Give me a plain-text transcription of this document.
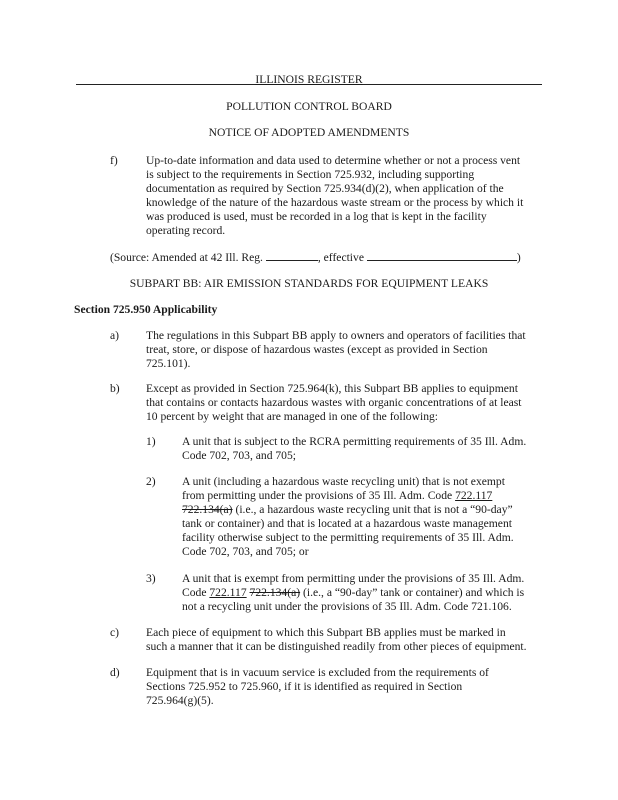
ILLINOIS REGISTER
POLLUTION CONTROL BOARD
NOTICE OF ADOPTED AMENDMENTS
f) Up-to-date information and data used to determine whether or not a process vent
is subject to the requirements in Section 725.932, including supporting
documentation as required by Section 725.934(d)(2), when application of the
knowledge of the nature of the hazardous waste stream or the process by which it
was produced is used, must be recorded in a log that is kept in the facility
operating record.
(Source: Amended at 42 Ill. Reg.	, effective	)
SUBPART BB: AIR EMISSION STANDARDS FOR EQUIPMENT LEAKS
Section 725.950 Applicability
a) The regulations in this Subpart BB apply to owners and operators of facilities that
treat, store, or dispose of hazardous wastes (except as provided in Section
725.101).
b) Except as provided in Section 725.964(k), this Subpart BB applies to equipment
that contains or contacts hazardous wastes with organic concentrations of at least
10 percent by weight that are managed in one of the following:
1) A unit that is subject to the RCRA permitting requirements of 35 Ill. Adm.
Code 702, 703, and 705;
2) A unit (including a hazardous waste recycling unit) that is not exempt
from permitting under the provisions of 35 Ill. Adm. Code 722.117
722.134(a) (i.e., a hazardous waste recycling unit that is not a “90-day”
tank or container) and that is located at a hazardous waste management
facility otherwise subject to the permitting requirements of 35 Ill. Adm.
Code 702, 703, and 705; or
3) A unit that is exempt from permitting under the provisions of 35 Ill. Adm.
Code 722.117 722.134(a) (i.e., a “90-day” tank or container) and which is
not a recycling unit under the provisions of 35 Ill. Adm. Code 721.106.
c) Each piece of equipment to which this Subpart BB applies must be marked in
such a manner that it can be distinguished readily from other pieces of equipment.
d) Equipment that is in vacuum service is excluded from the requirements of
Sections 725.952 to 725.960, if it is identified as required in Section
725.964(g)(5).
